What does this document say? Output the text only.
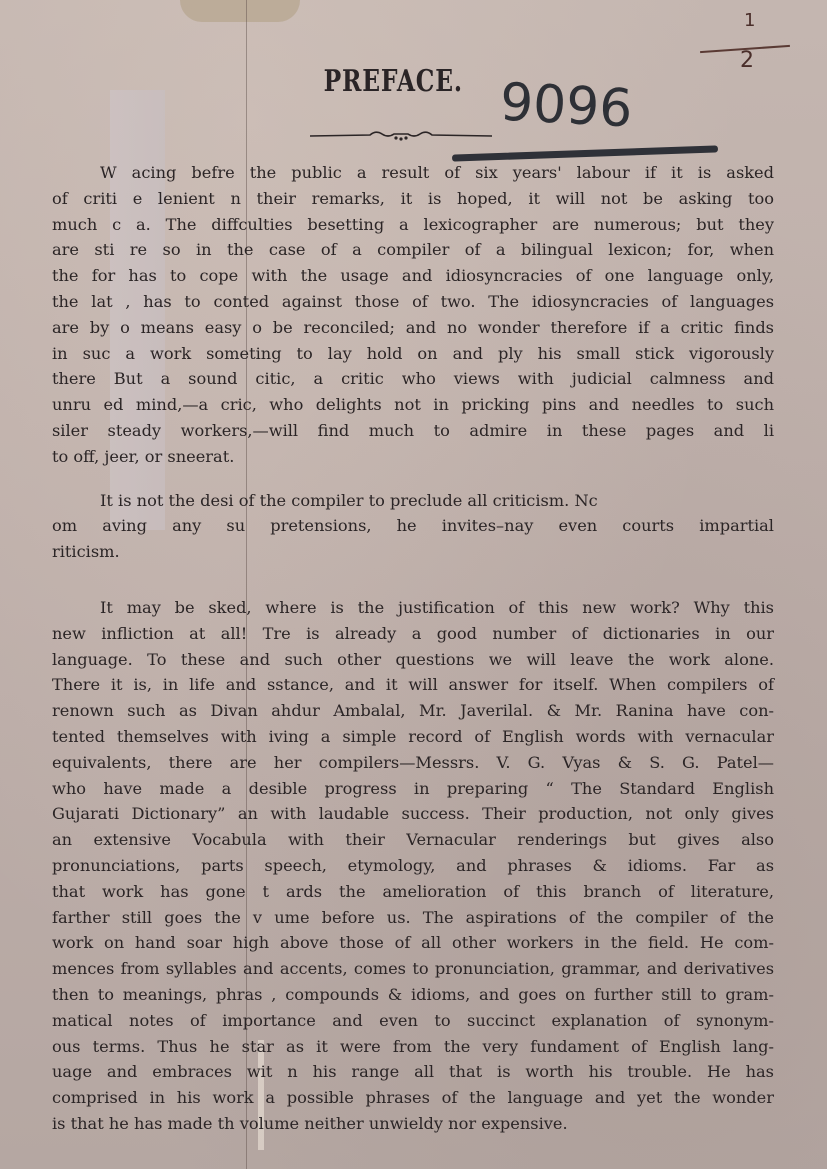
1
2
PREFACE. 9096

W acing befre the public a result of six years' labour if it is asked

of criti e lenient n their remarks, it is hoped, it will not be asking too

much c a. The diffculties besetting a lexicographer are numerous; but they

are sti re so in the case of a compiler of a bilingual lexicon; for, when

the for has to cope with the usage and idiosyncracies of one language only,

the lat , has to conted against those of two. The idiosyncracies of languages

are by o means easy o be reconciled; and no wonder therefore if a critic finds

in suc a work someting to lay hold on and ply his small stick vigorously

there But a sound citic, a critic who views with judicial calmness and

unru ed mind,—a cric, who delights not in pricking pins and needles to such

siler steady workers,—will find much to admire in these pages and li

to off, jeer, or sneerat.

It is not the desi of the compiler to preclude all criticism. Nc

om aving any su pretensions, he invites–nay even courts impartial

riticism.

It may be sked, where is the justification of this new work? Why this

new infliction at all! Tre is already a good number of dictionaries in our

language. To these and such other questions we will leave the work alone.

There it is, in life and sstance, and it will answer for itself. When compilers of

renown such as Divan ahdur Ambalal, Mr. Javerilal. & Mr. Ranina have con-

tented themselves with iving a simple record of English words with vernacular

equivalents, there are her compilers—Messrs. V. G. Vyas & S. G. Patel—

who have made a desible progress in preparing “ The Standard English

Gujarati Dictionary” an with laudable success. Their production, not only gives

an extensive Vocabula with their Vernacular renderings but gives also

pronunciations, parts speech, etymology, and phrases & idioms. Far as

that work has gone t ards the amelioration of this branch of literature,

farther still goes the v ume before us. The aspirations of the compiler of the

work on hand soar high above those of all other workers in the field. He com-

mences from syllables and accents, comes to pronunciation, grammar, and derivatives

then to meanings, phras , compounds & idioms, and goes on further still to gram-

matical notes of importance and even to succinct explanation of synonym-

ous terms. Thus he star as it were from the very fundament of English lang-

uage and embraces wit n his range all that is worth his trouble. He has

comprised in his work a possible phrases of the language and yet the wonder

is that he has made th volume neither unwieldy nor expensive.
